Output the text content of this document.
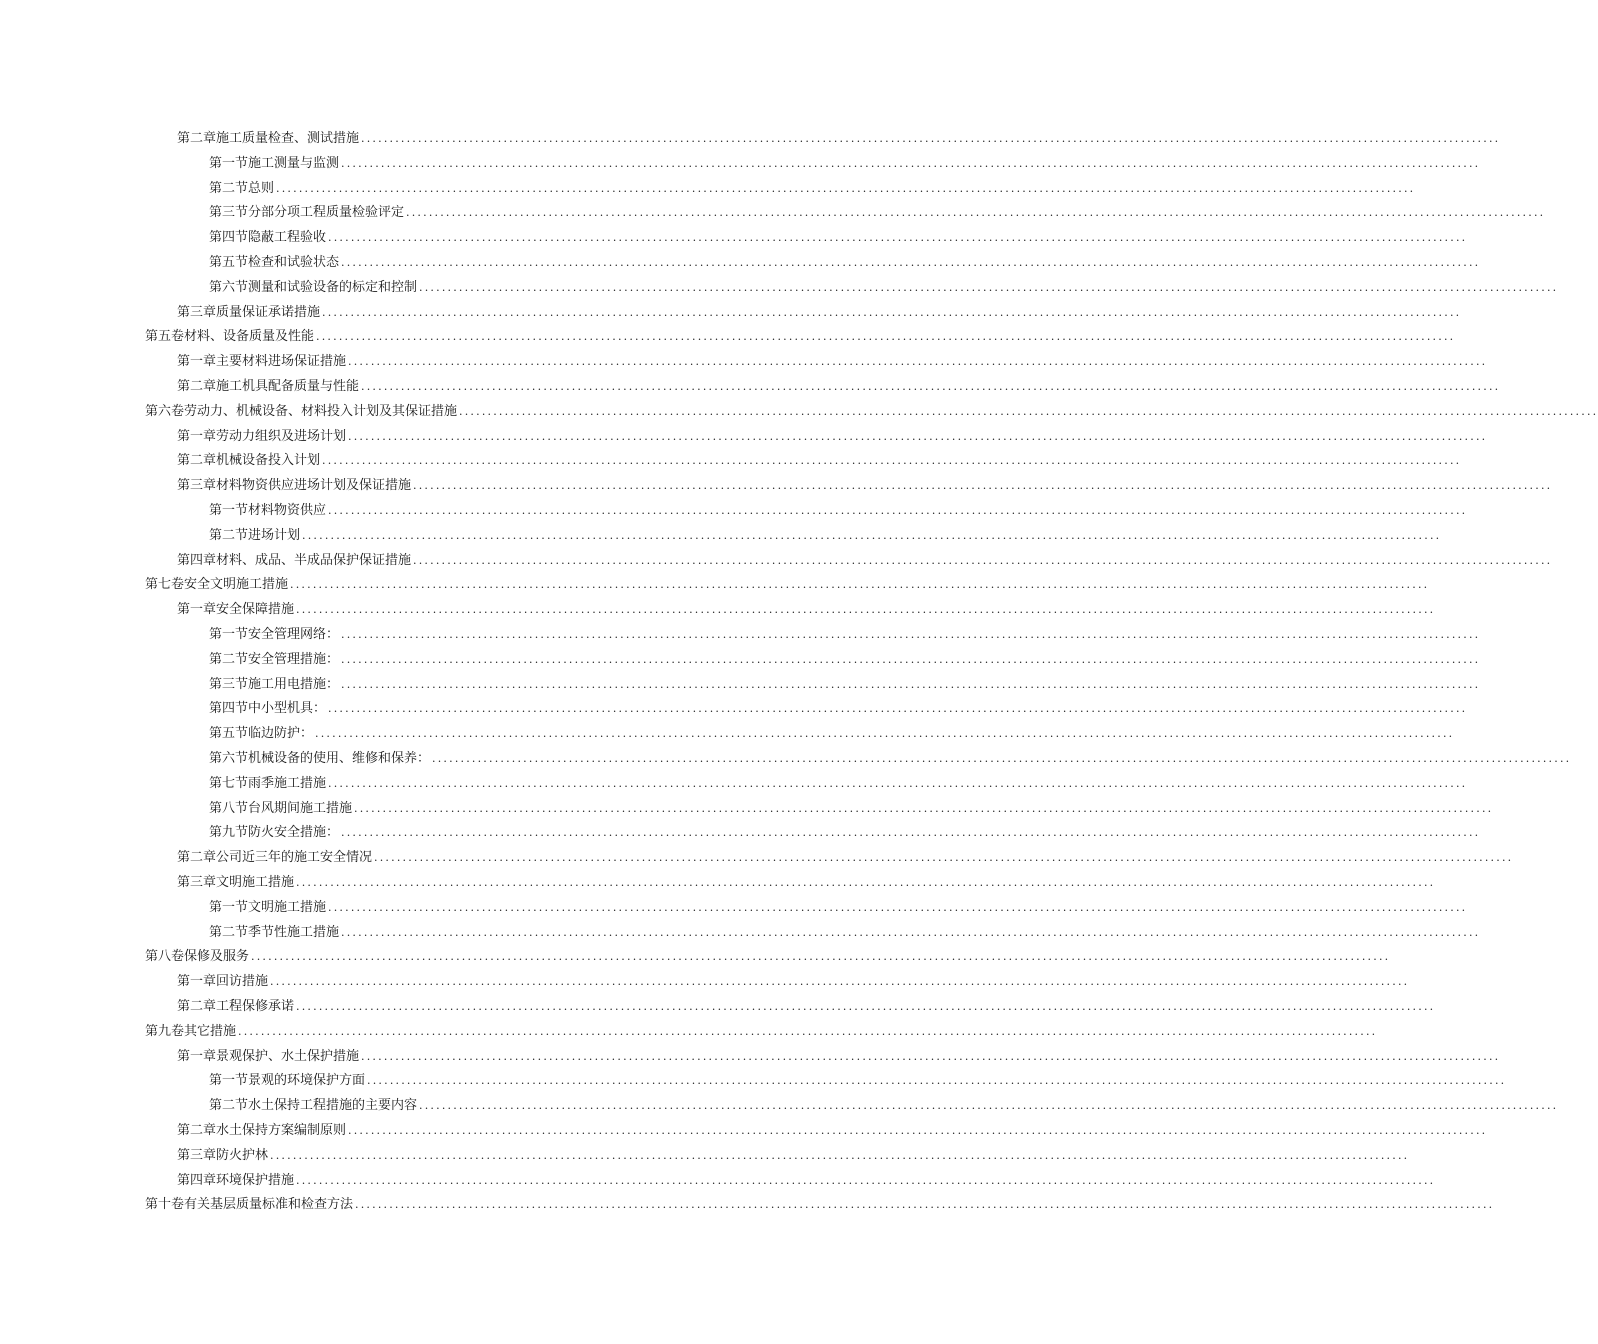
第二章 施工质量检查、测试措施 ........................................................................................................................................................................................................
第一节 施工测量与监测 ........................................................................................................................................................................................................
第二节 总则 ........................................................................................................................................................................................................
第三节 分部分项工程质量检验评定 ........................................................................................................................................................................................................
第四节 隐蔽工程验收 ........................................................................................................................................................................................................
第五节 检查和试验状态 ........................................................................................................................................................................................................
第六节 测量和试验设备的标定和控制 ........................................................................................................................................................................................................
第三章 质量保证承诺措施 ........................................................................................................................................................................................................
第五卷 材料、设备质量及性能 ........................................................................................................................................................................................................
第一章 主要材料进场保证措施 ........................................................................................................................................................................................................
第二章 施工机具配备质量与性能 ........................................................................................................................................................................................................
第六卷 劳动力、机械设备、材料投入计划及其保证措施 ........................................................................................................................................................................................................
第一章 劳动力组织及进场计划 ........................................................................................................................................................................................................
第二章 机械设备投入计划 ........................................................................................................................................................................................................
第三章 材料物资供应进场计划及保证措施 ........................................................................................................................................................................................................
第一节 材料物资供应 ........................................................................................................................................................................................................
第二节 进场计划 ........................................................................................................................................................................................................
第四章 材料、成品、半成品保护保证措施 ........................................................................................................................................................................................................
第七卷 安全文明施工措施 ........................................................................................................................................................................................................
第一章 安全保障措施 ........................................................................................................................................................................................................
第一节 安全管理网络： ........................................................................................................................................................................................................
第二节 安全管理措施： ........................................................................................................................................................................................................
第三节 施工用电措施： ........................................................................................................................................................................................................
第四节 中小型机具： ........................................................................................................................................................................................................
第五节 临边防护： ........................................................................................................................................................................................................
第六节 机械设备的使用、维修和保养： ........................................................................................................................................................................................................
第七节 雨季施工措施 ........................................................................................................................................................................................................
第八节 台风期间施工措施 ........................................................................................................................................................................................................
第九节 防火安全措施： ........................................................................................................................................................................................................
第二章 公司近三年的施工安全情况 ........................................................................................................................................................................................................
第三章 文明施工措施 ........................................................................................................................................................................................................
第一节 文明施工措施 ........................................................................................................................................................................................................
第二节 季节性施工措施 ........................................................................................................................................................................................................
第八卷 保修及服务 ........................................................................................................................................................................................................
第一章 回访措施 ........................................................................................................................................................................................................
第二章 工程保修承诺 ........................................................................................................................................................................................................
第九卷 其它措施 ........................................................................................................................................................................................................
第一章 景观保护、水土保护措施 ........................................................................................................................................................................................................
第一节 景观的环境保护方面 ........................................................................................................................................................................................................
第二节 水土保持工程措施的主要内容 ........................................................................................................................................................................................................
第二章 水土保持方案编制原则 ........................................................................................................................................................................................................
第三章 防火护林 ........................................................................................................................................................................................................
第四章 环境保护措施 ........................................................................................................................................................................................................
第十卷 有关基层质量标准和检查方法 ........................................................................................................................................................................................................
